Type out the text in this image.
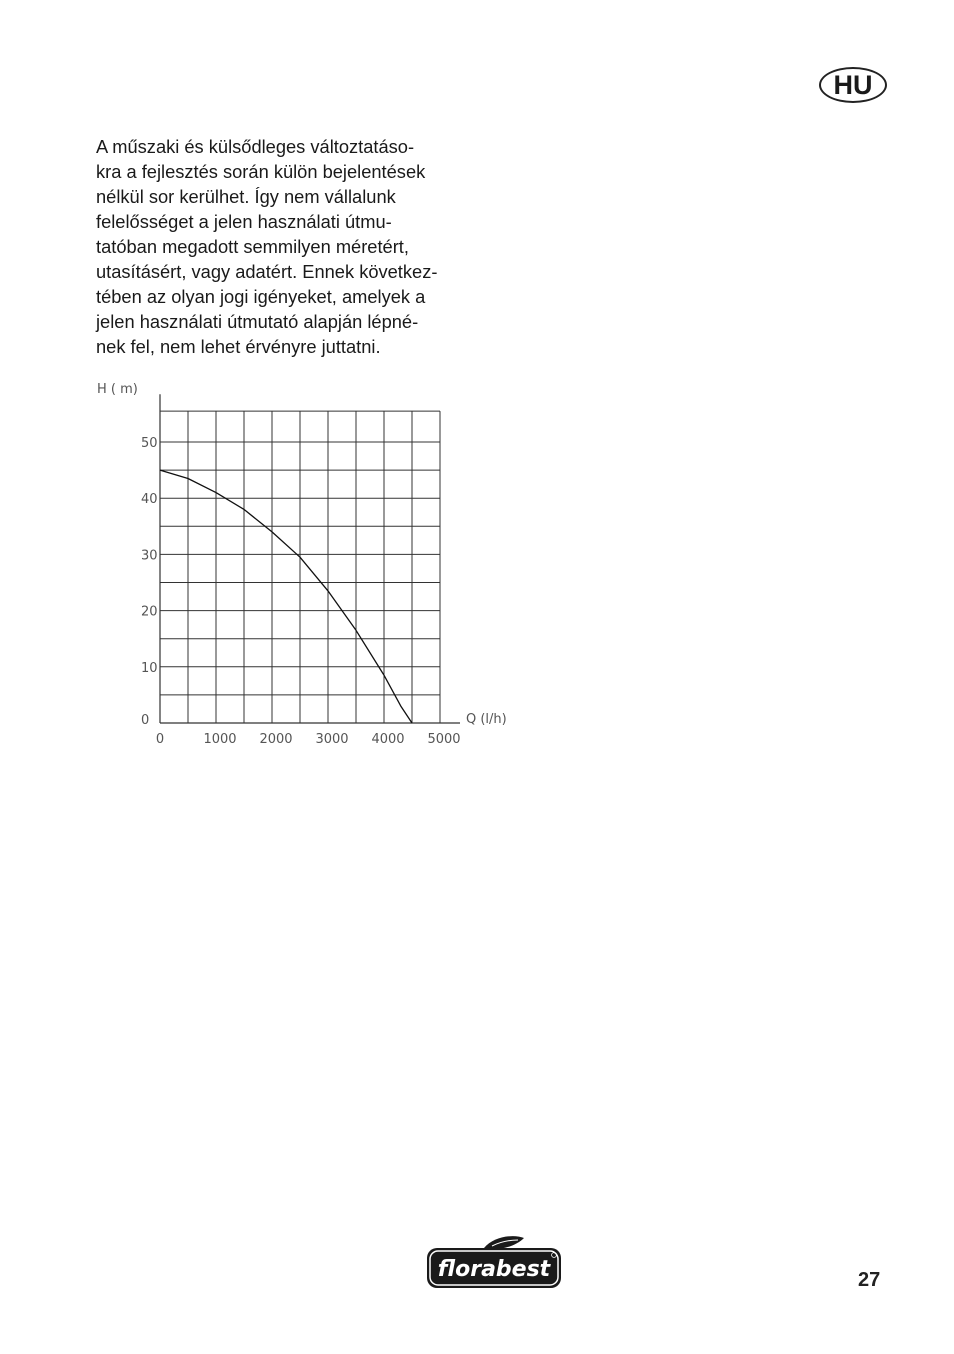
HU
A műszaki és külsődleges változtatáso-
kra a fejlesztés során külön bejelentések
nélkül sor kerülhet. Így nem vállalunk
felelősséget a jelen használati útmu-
tatóban megadott semmilyen méretért,
utasításért, vagy adatért. Ennek következ-
tében az olyan jogi igényeket, amelyek a
jelen használati útmutató alapján lépné-
nek fel, nem lehet érvényre juttatni.
0
10
20
30
40
50
0	1000 2000 3000 4000 5000
H ( m)
Q (l/h)
florabest	27
